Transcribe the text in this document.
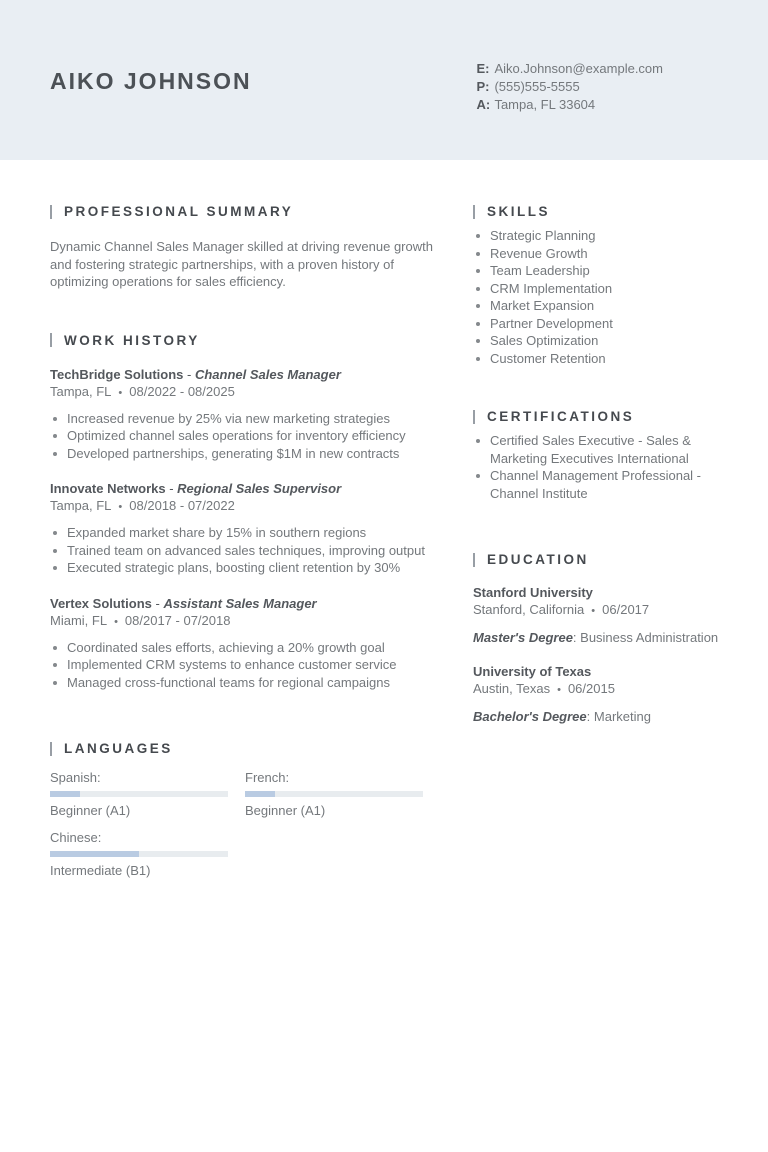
AIKO JOHNSON	E: Aiko.Johnson@example.com
P: (555)555-5555
A: Tampa, FL 33604
PROFESSIONAL SUMMARY

Dynamic Channel Sales Manager skilled at driving revenue growth and fostering strategic partnerships, with a proven history of optimizing operations for sales efficiency.

WORK HISTORY
TechBridge Solutions - Channel Sales Manager
Tampa, FL • 08/2022 - 08/2025
Increased revenue by 25% via new marketing strategies
Optimized channel sales operations for inventory efficiency
Developed partnerships, generating $1M in new contracts
Innovate Networks - Regional Sales Supervisor
Tampa, FL • 08/2018 - 07/2022
Expanded market share by 15% in southern regions
Trained team on advanced sales techniques, improving output
Executed strategic plans, boosting client retention by 30%
Vertex Solutions - Assistant Sales Manager
Miami, FL • 08/2017 - 07/2018
Coordinated sales efforts, achieving a 20% growth goal
Implemented CRM systems to enhance customer service
Managed cross-functional teams for regional campaigns
LANGUAGES
Spanish:
Beginner (A1)
French:
Beginner (A1)
Chinese:
Intermediate (B1)
SKILLS
Strategic Planning
Revenue Growth
Team Leadership
CRM Implementation
Market Expansion
Partner Development
Sales Optimization
Customer Retention
CERTIFICATIONS
Certified Sales Executive - Sales & Marketing Executives International
Channel Management Professional - Channel Institute
EDUCATION
Stanford University
Stanford, California • 06/2017
Master's Degree: Business Administration
University of Texas
Austin, Texas • 06/2015
Bachelor's Degree: Marketing
